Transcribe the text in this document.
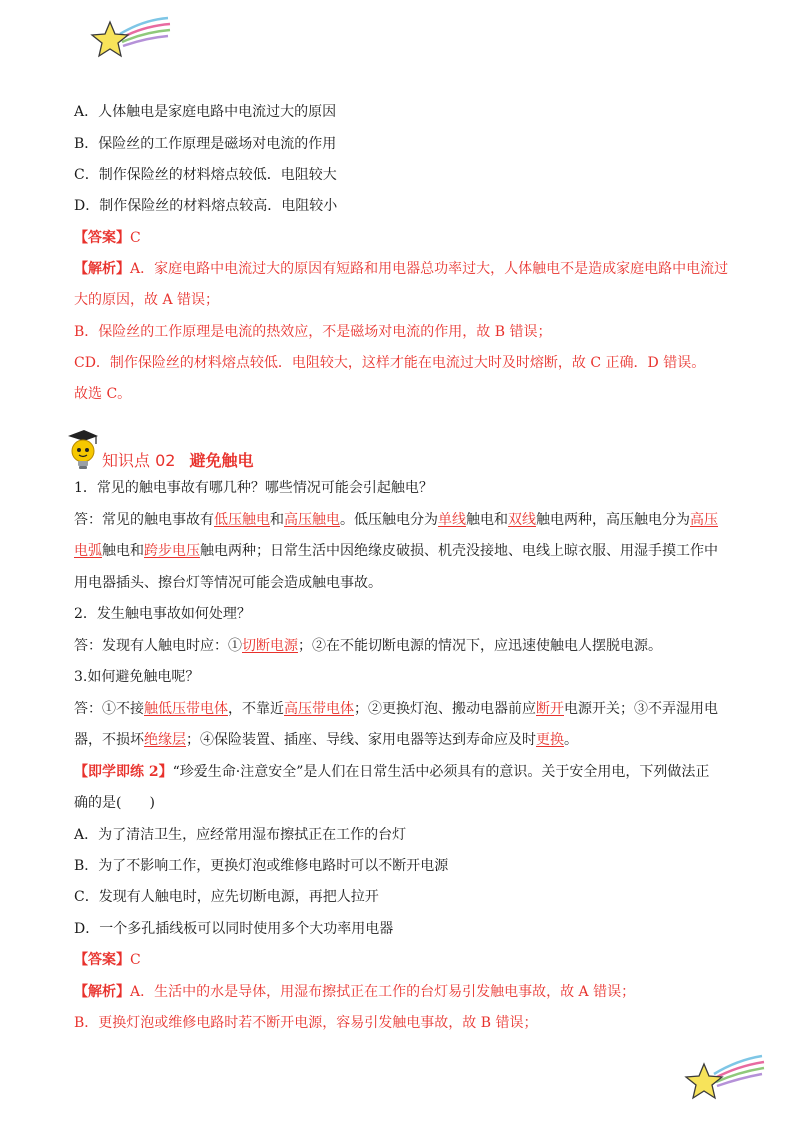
A．人体触电是家庭电路中电流过大的原因
B．保险丝的工作原理是磁场对电流的作用
C．制作保险丝的材料熔点较低．电阻较大
D．制作保险丝的材料熔点较高．电阻较小
【答案】C
【解析】A．家庭电路中电流过大的原因有短路和用电器总功率过大，人体触电不是造成家庭电路中电流过
大的原因，故 A 错误；
B．保险丝的工作原理是电流的热效应，不是磁场对电流的作用，故 B 错误；
CD．制作保险丝的材料熔点较低．电阻较大，这样才能在电流过大时及时熔断，故 C 正确．D 错误。
故选 C。
知识点 02 避免触电
1．常见的触电事故有哪几种？哪些情况可能会引起触电？
答：常见的触电事故有低压触电和高压触电。低压触电分为单线触电和双线触电两种，高压触电分为高压
电弧触电和跨步电压触电两种；日常生活中因绝缘皮破损、机壳没接地、电线上晾衣服、用湿手摸工作中
用电器插头、擦台灯等情况可能会造成触电事故。
2．发生触电事故如何处理？
答：发现有人触电时应：①切断电源；②在不能切断电源的情况下，应迅速使触电人摆脱电源。
3.如何避免触电呢？
答：①不接触低压带电体，不靠近高压带电体；②更换灯泡、搬动电器前应断开电源开关；③不弄湿用电
器，不损坏绝缘层；④保险装置、插座、导线、家用电器等达到寿命应及时更换。
【即学即练 2】“珍爱生命·注意安全”是人们在日常生活中必须具有的意识。关于安全用电，下列做法正
确的是(　　)
A．为了清洁卫生，应经常用湿布擦拭正在工作的台灯
B．为了不影响工作，更换灯泡或维修电路时可以不断开电源
C．发现有人触电时，应先切断电源，再把人拉开
D．一个多孔插线板可以同时使用多个大功率用电器
【答案】C
【解析】A．生活中的水是导体，用湿布擦拭正在工作的台灯易引发触电事故，故 A 错误；
B．更换灯泡或维修电路时若不断开电源，容易引发触电事故，故 B 错误；
